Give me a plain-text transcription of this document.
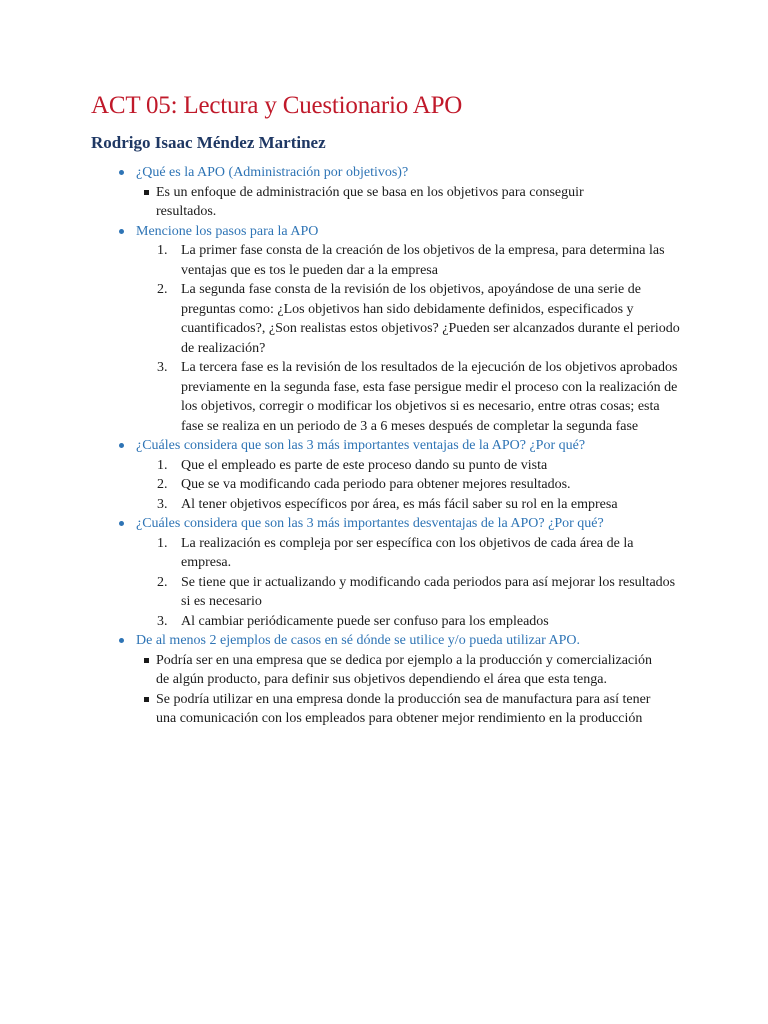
ACT 05: Lectura y Cuestionario APO
Rodrigo Isaac Méndez Martinez
¿Qué es la APO (Administración por objetivos)?
Es un enfoque de administración que se basa en los objetivos para conseguir resultados.
Mencione los pasos para la APO
1. La primer fase consta de la creación de los objetivos de la empresa, para determina las ventajas que es tos le pueden dar a la empresa
2. La segunda fase consta de la revisión de los objetivos, apoyándose de una serie de preguntas como: ¿Los objetivos han sido debidamente definidos, especificados y cuantificados?, ¿Son realistas estos objetivos? ¿Pueden ser alcanzados durante el periodo de realización?
3. La tercera fase es la revisión de los resultados de la ejecución de los objetivos aprobados previamente en la segunda fase, esta fase persigue medir el proceso con la realización de los objetivos, corregir o modificar los objetivos si es necesario, entre otras cosas; esta fase se realiza en un periodo de 3 a 6 meses después de completar la segunda fase
¿Cuáles considera que son las 3 más importantes ventajas de la APO? ¿Por qué?
1. Que el empleado es parte de este proceso dando su punto de vista
2. Que se va modificando cada periodo para obtener mejores resultados.
3. Al tener objetivos específicos por área, es más fácil saber su rol en la empresa
¿Cuáles considera que son las 3 más importantes desventajas de la APO? ¿Por qué?
1. La realización es compleja por ser específica con los objetivos de cada área de la empresa.
2. Se tiene que ir actualizando y modificando cada periodos para así mejorar los resultados si es necesario
3. Al cambiar periódicamente puede ser confuso para los empleados
De al menos 2 ejemplos de casos en sé dónde se utilice y/o pueda utilizar APO.
Podría ser en una empresa que se dedica por ejemplo a la producción y comercialización de algún producto, para definir sus objetivos dependiendo el área que esta tenga.
Se podría utilizar en una empresa donde la producción sea de manufactura para así tener una comunicación con los empleados para obtener mejor rendimiento en la producción
